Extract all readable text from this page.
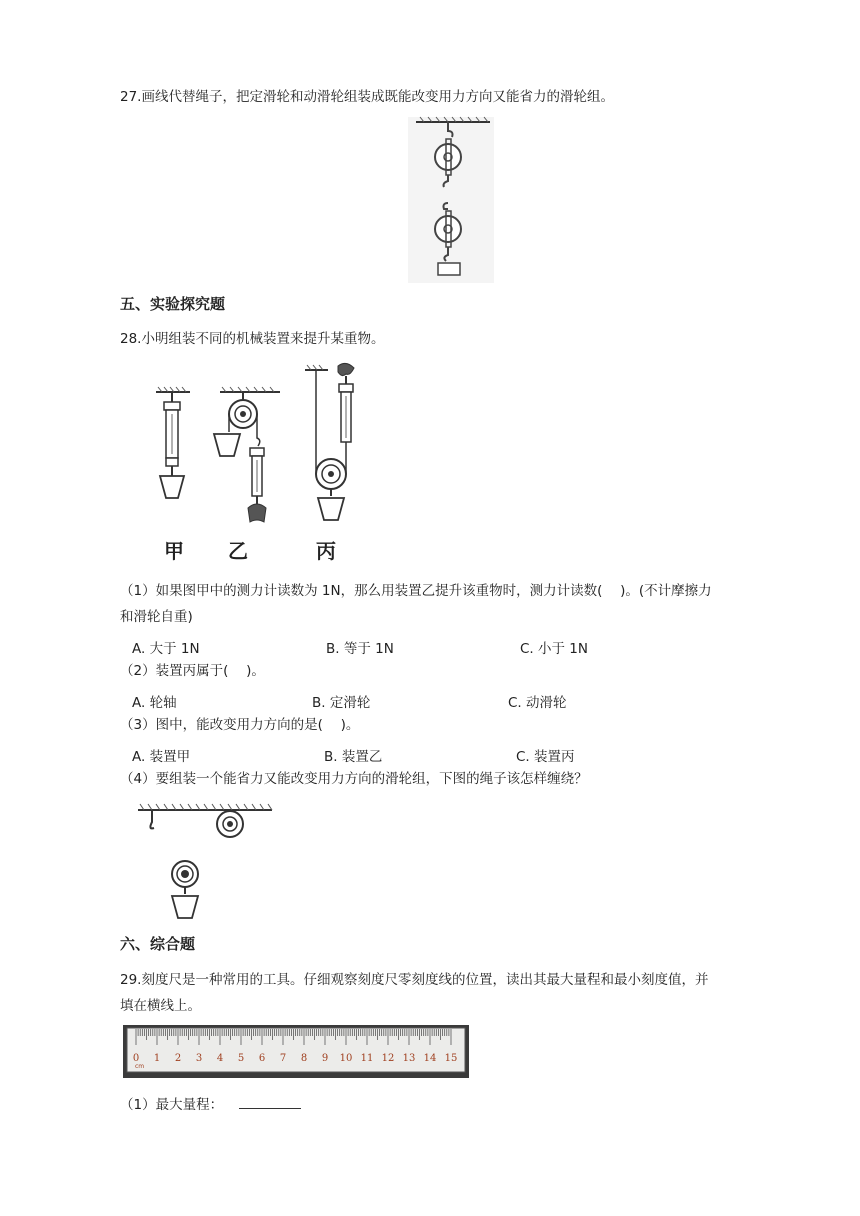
27.画线代替绳子，把定滑轮和动滑轮组装成既能改变用力方向又能省力的滑轮组。
五、实验探究题
28.小明组装不同的机械装置来提升某重物。
甲 乙	丙
（1）如果图甲中的测力计读数为 1N，那么用装置乙提升该重物时，测力计读数(　 )。(不计摩擦力
和滑轮自重)
A. 大于 1N	B. 等于 1N	C. 小于 1N
（2）装置丙属于(　 )。
A. 轮轴	B. 定滑轮	C. 动滑轮
（3）图中，能改变用力方向的是(　 )。
A. 装置甲	B. 装置乙	C. 装置丙
（4）要组装一个能省力又能改变用力方向的滑轮组，下图的绳子该怎样缠绕？
六、综合题
29.刻度尺是一种常用的工具。仔细观察刻度尺零刻度线的位置，读出其最大量程和最小刻度值，并
填在横线上。
0 1 2 3 4 5 6 7 8 9 10 11 12 13 14 15
cm
（1）最大量程：
